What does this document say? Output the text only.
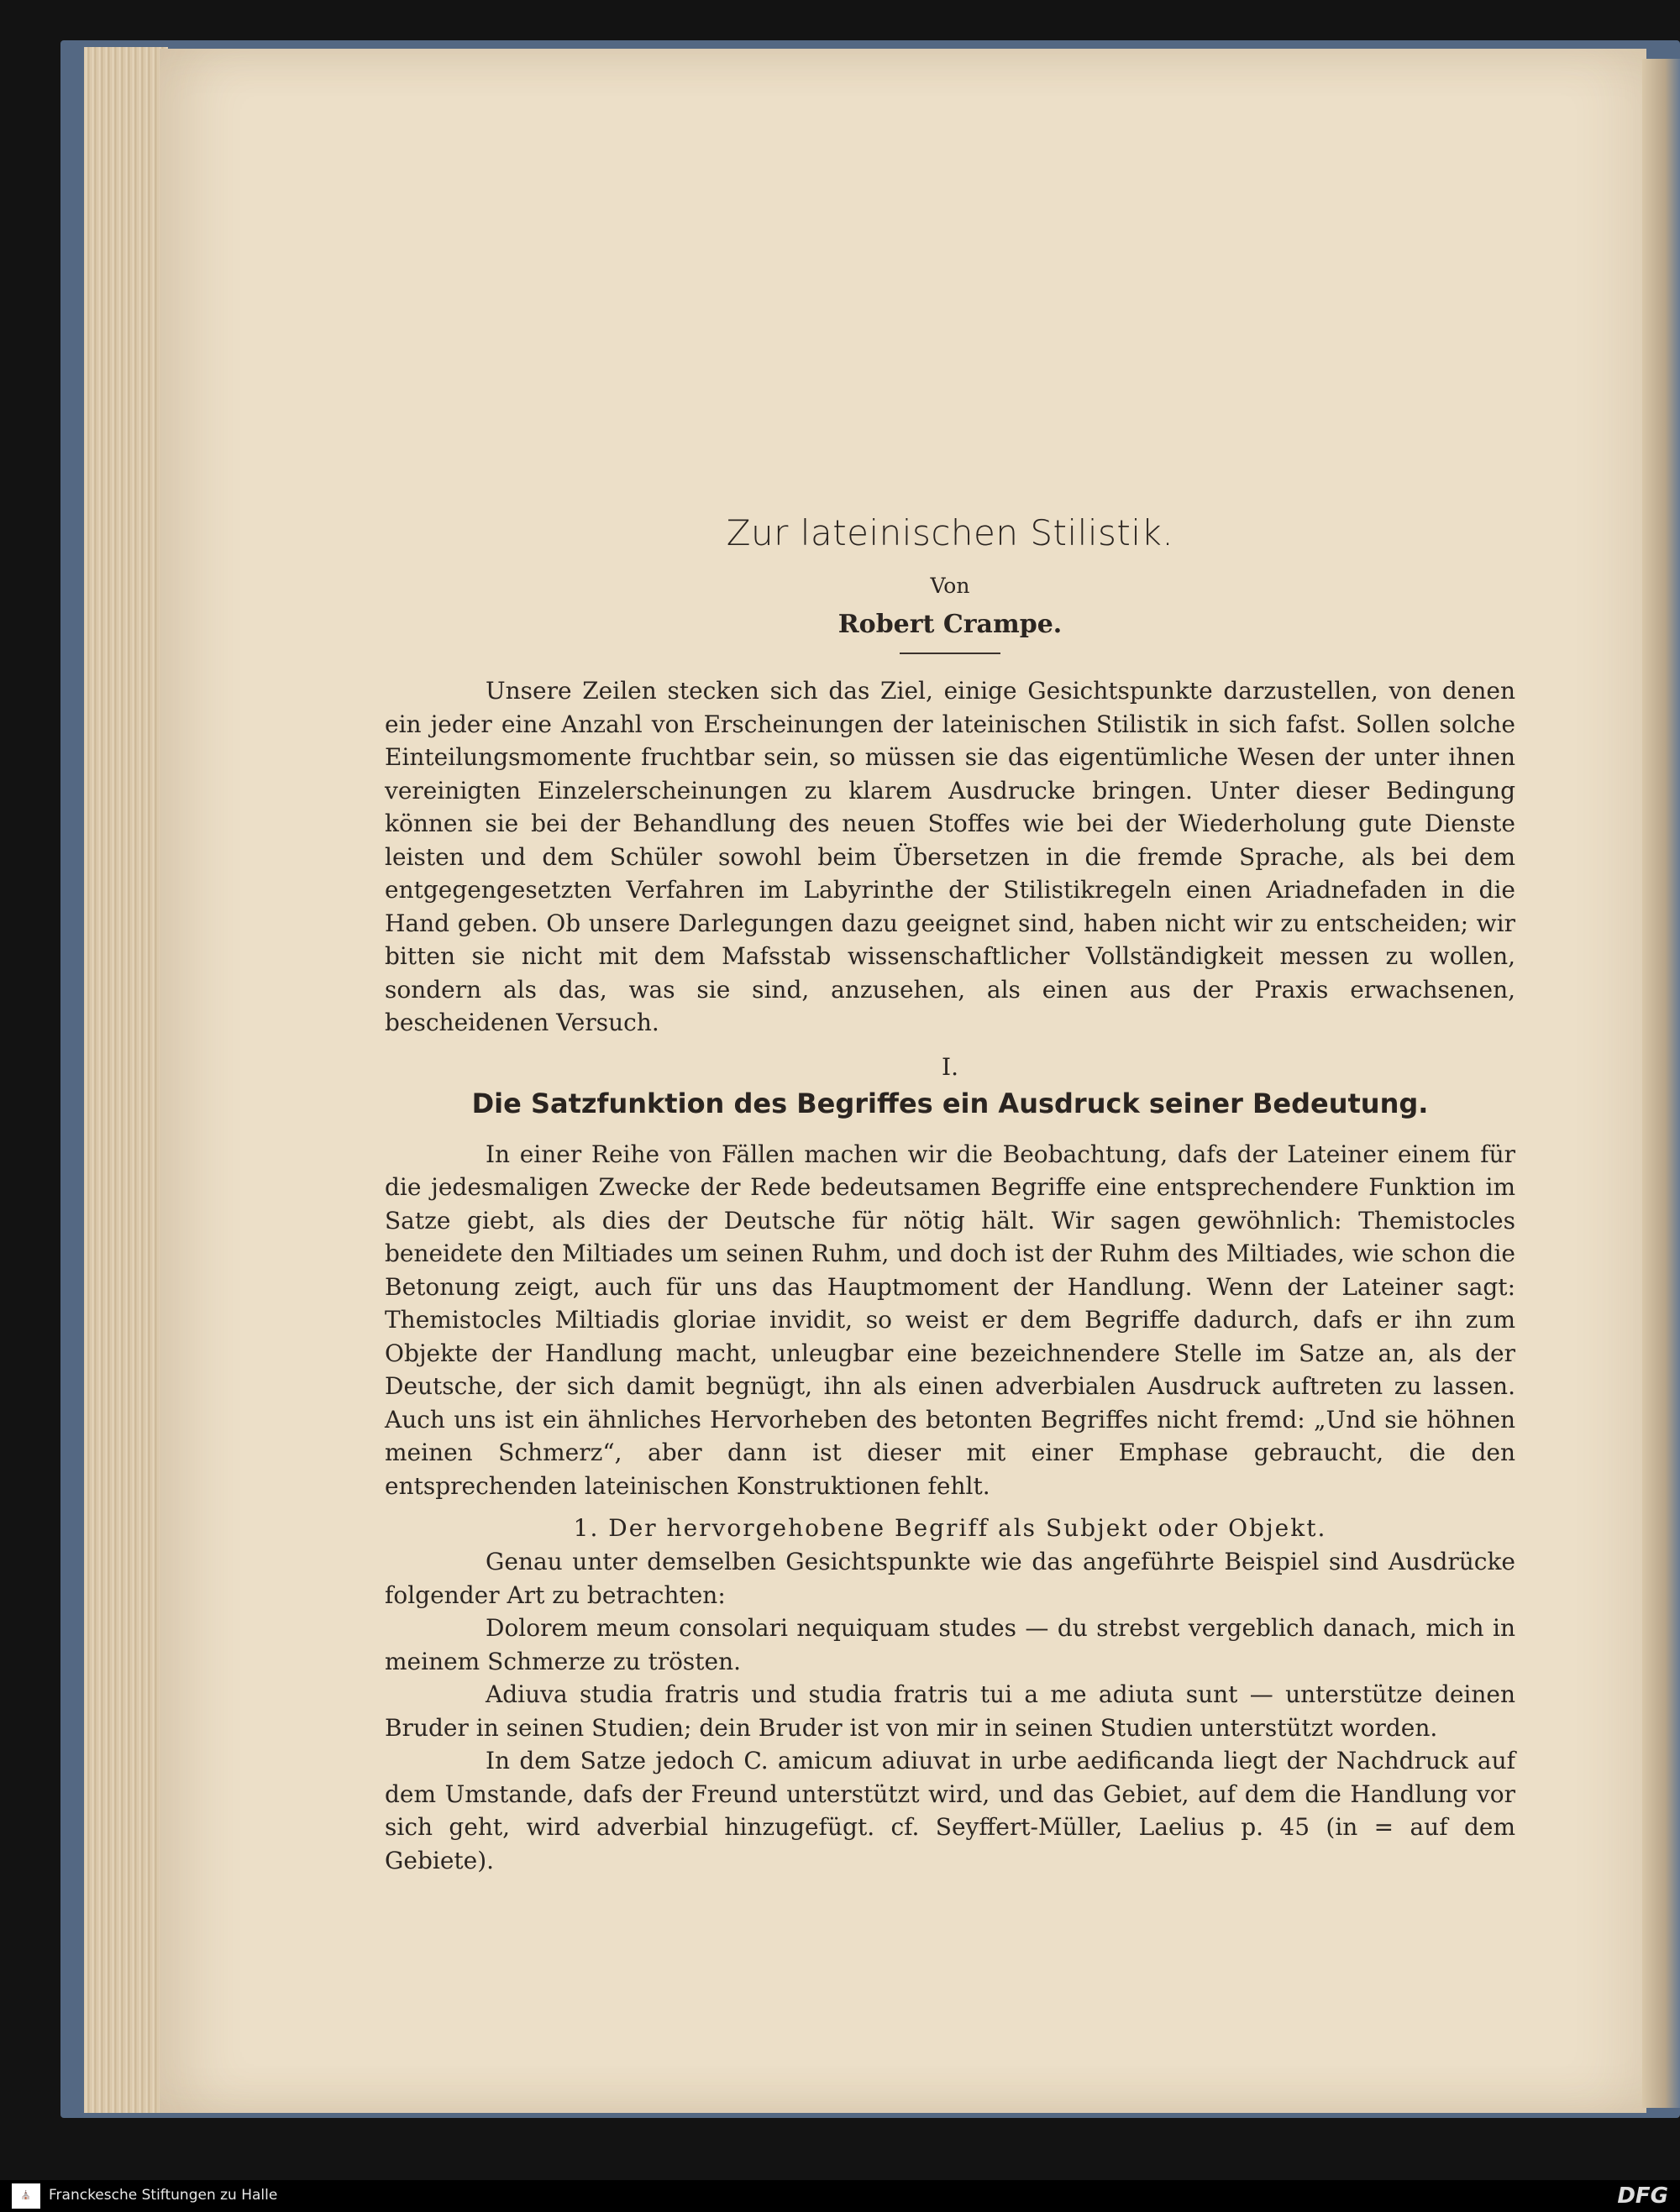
Zur lateinischen Stilistik.
Von
Robert Crampe.

Unsere Zeilen stecken sich das Ziel, einige Gesichtspunkte darzustellen, von denen ein jeder eine Anzahl von Erscheinungen der lateinischen Stilistik in sich fafst. Sollen solche Einteilungsmomente fruchtbar sein, so müssen sie das eigentümliche Wesen der unter ihnen vereinigten Einzelerscheinungen zu klarem Ausdrucke bringen. Unter dieser Bedingung können sie bei der Behandlung des neuen Stoffes wie bei der Wiederholung gute Dienste leisten und dem Schüler sowohl beim Übersetzen in die fremde Sprache, als bei dem entgegengesetzten Verfahren im Labyrinthe der Stilistikregeln einen Ariadnefaden in die Hand geben. Ob unsere Darlegungen dazu geeignet sind, haben nicht wir zu entscheiden; wir bitten sie nicht mit dem Mafsstab wissenschaftlicher Vollständigkeit messen zu wollen, sondern als das, was sie sind, anzusehen, als einen aus der Praxis erwachsenen, bescheidenen Versuch.

I.
Die Satzfunktion des Begriffes ein Ausdruck seiner Bedeutung.

In einer Reihe von Fällen machen wir die Beobachtung, dafs der Lateiner einem für die jedesmaligen Zwecke der Rede bedeutsamen Begriffe eine entsprechendere Funktion im Satze giebt, als dies der Deutsche für nötig hält. Wir sagen gewöhnlich: Themistocles beneidete den Miltiades um seinen Ruhm, und doch ist der Ruhm des Miltiades, wie schon die Betonung zeigt, auch für uns das Hauptmoment der Handlung. Wenn der Lateiner sagt: Themistocles Miltiadis gloriae invidit, so weist er dem Begriffe dadurch, dafs er ihn zum Objekte der Handlung macht, unleugbar eine bezeichnendere Stelle im Satze an, als der Deutsche, der sich damit begnügt, ihn als einen adverbialen Ausdruck auftreten zu lassen. Auch uns ist ein ähnliches Hervorheben des betonten Begriffes nicht fremd: „Und sie höhnen meinen Schmerz“, aber dann ist dieser mit einer Emphase gebraucht, die den entsprechenden lateinischen Konstruktionen fehlt.

1. Der hervorgehobene Begriff als Subjekt oder Objekt.

Genau unter demselben Gesichtspunkte wie das angeführte Beispiel sind Ausdrücke folgender Art zu betrachten:

Dolorem meum consolari nequiquam studes — du strebst vergeblich danach, mich in meinem Schmerze zu trösten.

Adiuva studia fratris und studia fratris tui a me adiuta sunt — unterstütze deinen Bruder in seinen Studien; dein Bruder ist von mir in seinen Studien unterstützt worden.

In dem Satze jedoch C. amicum adiuvat in urbe aedificanda liegt der Nachdruck auf dem Umstande, dafs der Freund unterstützt wird, und das Gebiet, auf dem die Handlung vor sich geht, wird adverbial hinzugefügt. cf. Seyffert-Müller, Laelius p. 45 (in = auf dem Gebiete).

⛪	Franckesche Stiftungen zu Halle	DFG
